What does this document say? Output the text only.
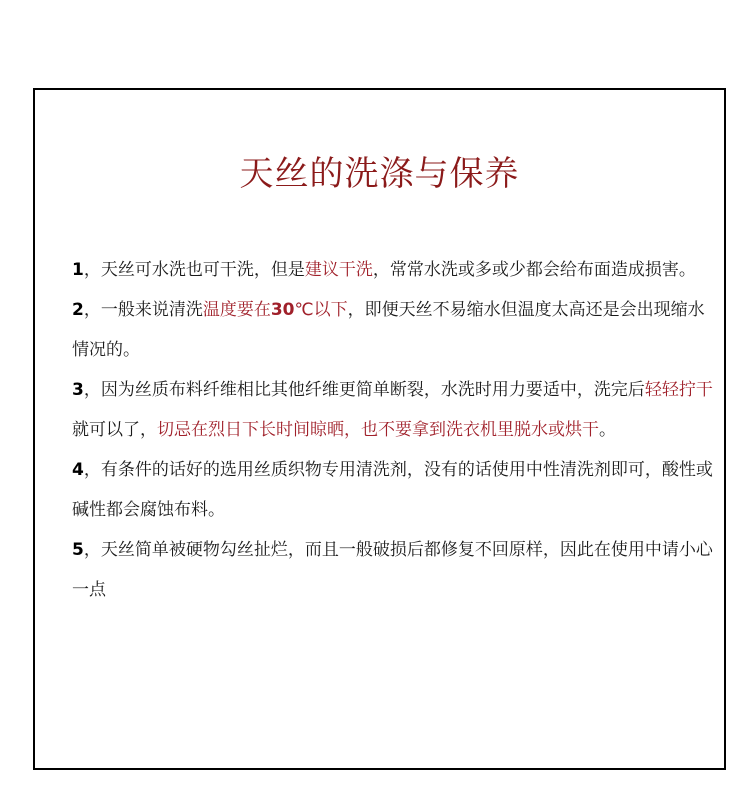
天丝的洗涤与保养

1，天丝可水洗也可干洗，但是建议干洗，常常水洗或多或少都会给布面造成损害。

2，一般来说清洗温度要在30℃以下，即便天丝不易缩水但温度太高还是会出现缩水情况的。

3，因为丝质布料纤维相比其他纤维更简单断裂，水洗时用力要适中，洗完后轻轻拧干就可以了，切忌在烈日下长时间晾晒，也不要拿到洗衣机里脱水或烘干。

4，有条件的话好的选用丝质织物专用清洗剂，没有的话使用中性清洗剂即可，酸性或碱性都会腐蚀布料。

5，天丝简单被硬物勾丝扯烂，而且一般破损后都修复不回原样，因此在使用中请小心一点
